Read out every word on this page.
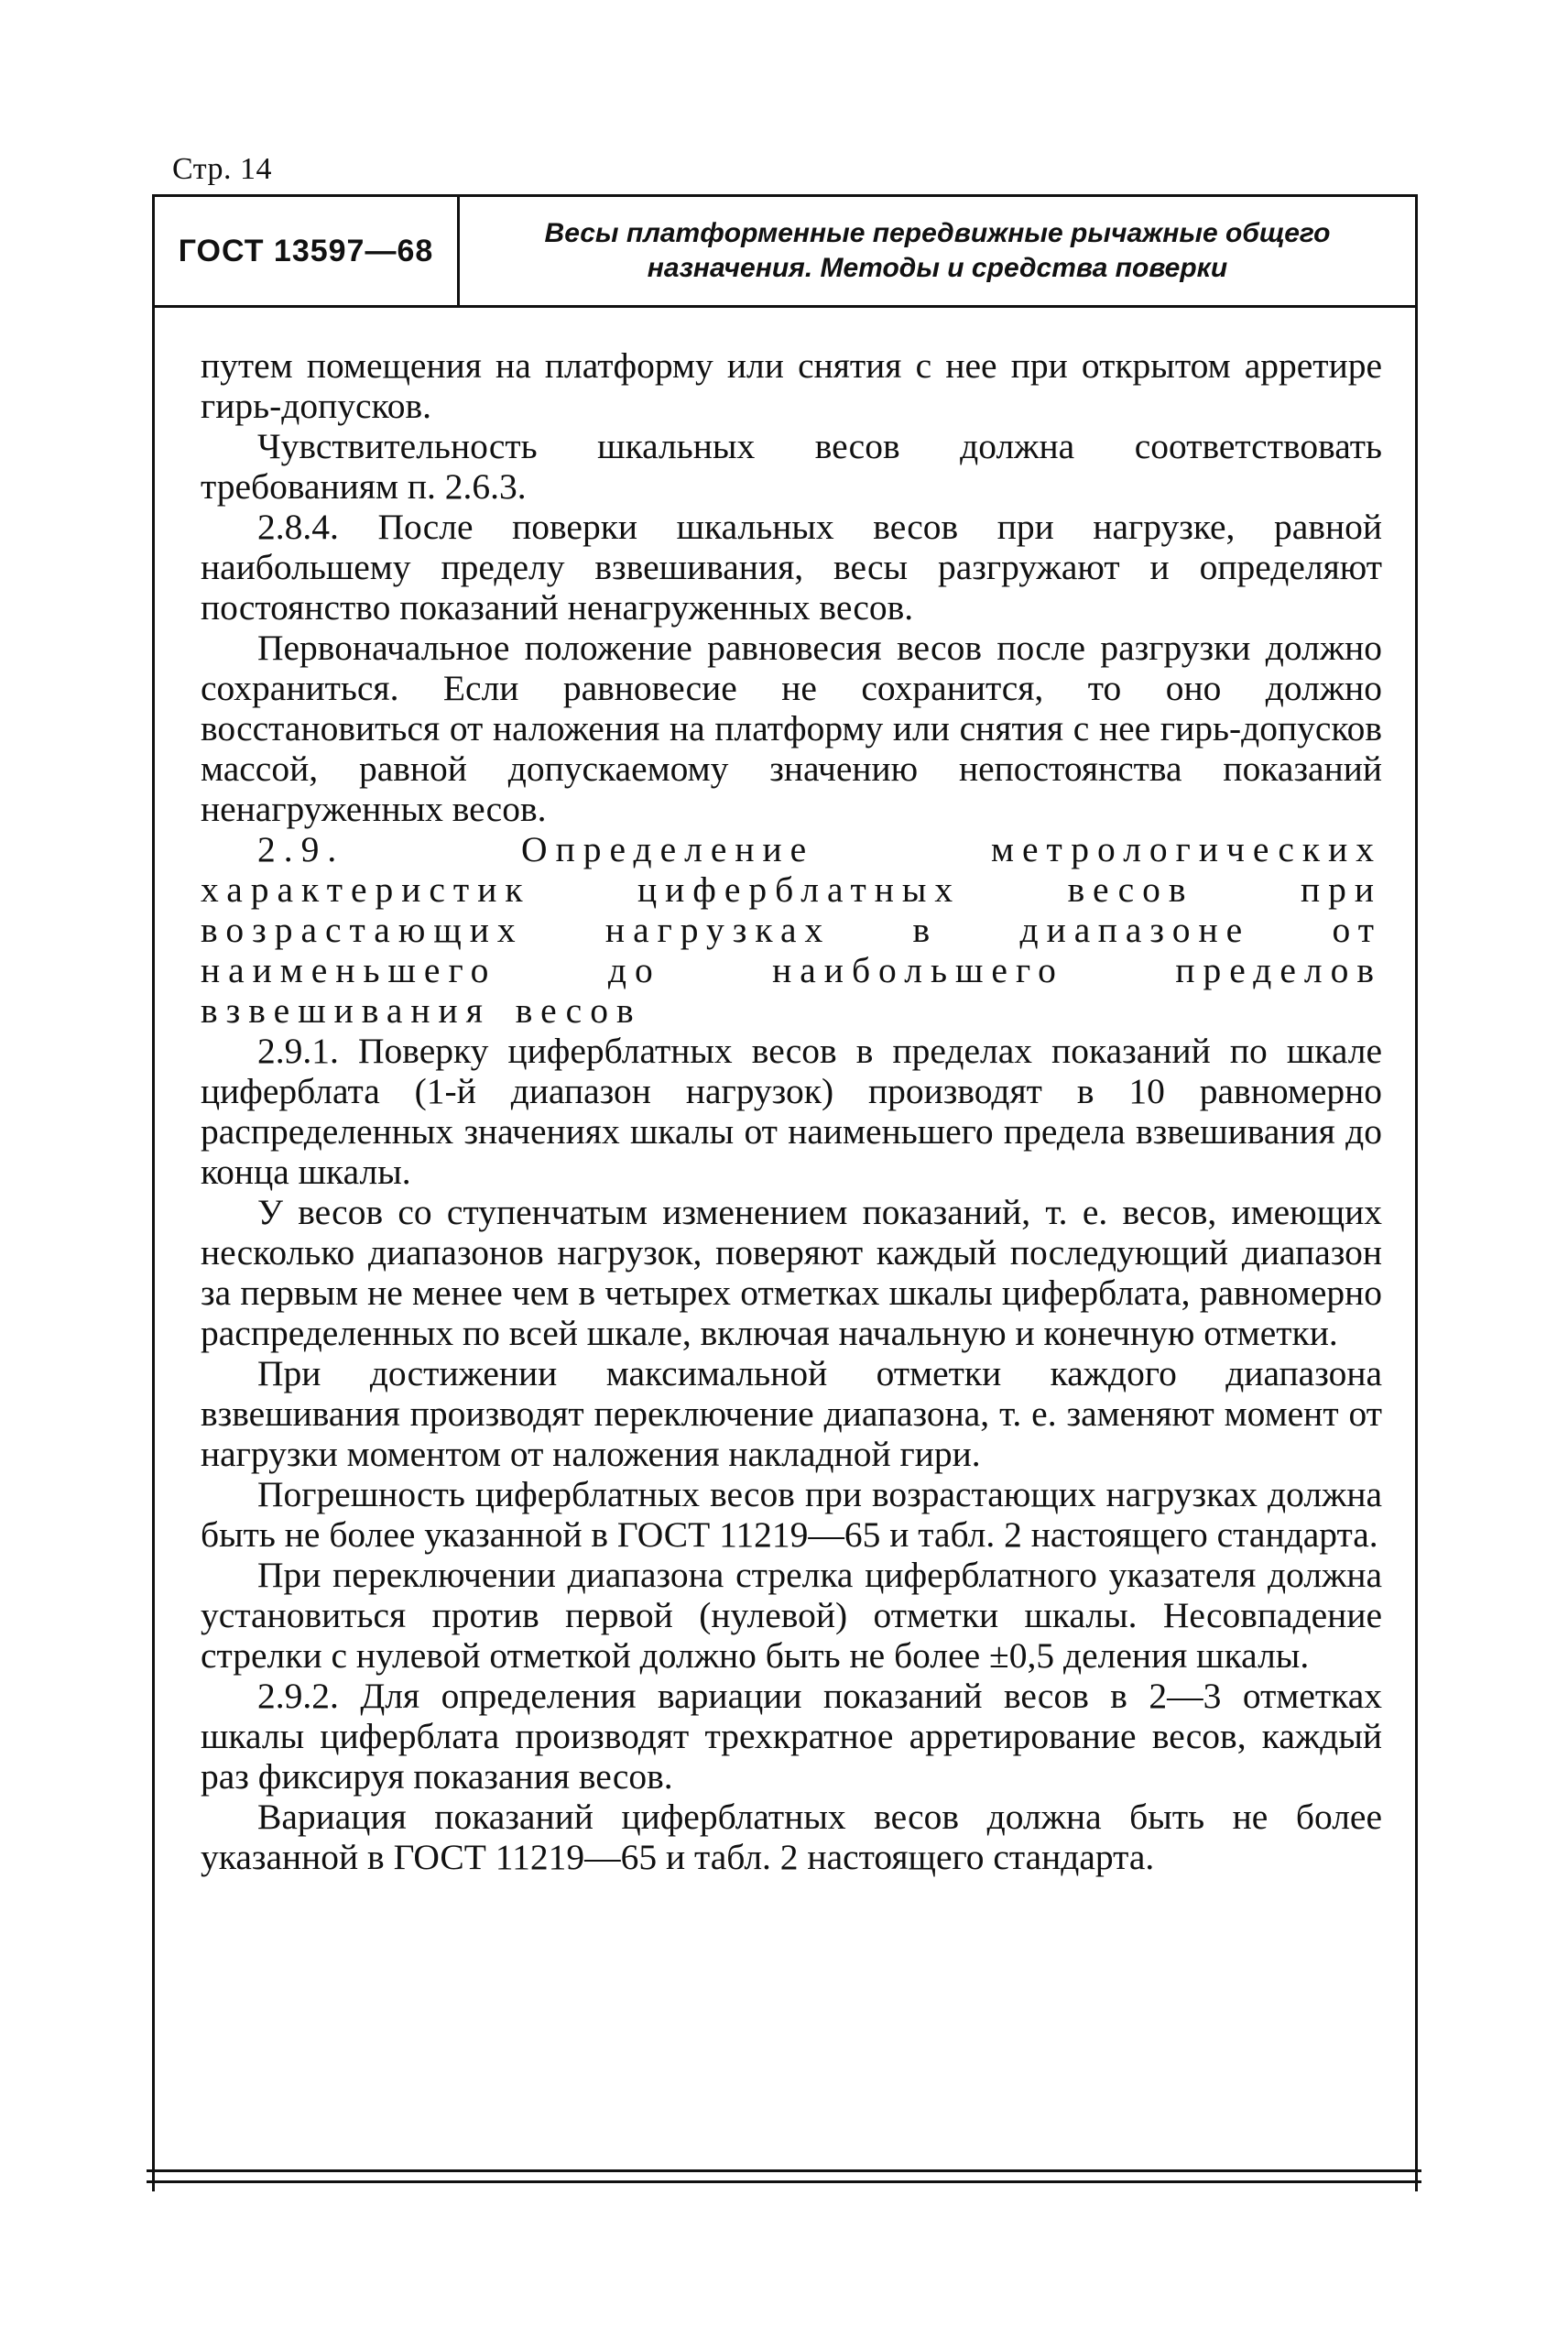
Стр. 14
ГОСТ 13597—68	Весы платформенные передвижные рычажные общего
назначения. Методы и средства поверки

путем помещения на платформу или снятия с нее при открытом арретире гирь-допусков.

Чувствительность шкальных весов должна соответствовать требованиям п. 2.6.3.

2.8.4. После поверки шкальных весов при нагрузке, равной наибольшему пределу взвешивания, весы разгружают и определяют постоянство показаний ненагруженных весов.

Первоначальное положение равновесия весов после разгрузки должно сохраниться. Если равновесие не сохранится, то оно должно восстановиться от наложения на платформу или снятия с нее гирь-допусков массой, равной допускаемому значению непостоянства показаний ненагруженных весов.

2.9. Определение метрологических характеристик циферблатных весов при возрастающих нагрузках в диапазоне от наименьшего до наибольшего пределов взвешивания весов

2.9.1. Поверку циферблатных весов в пределах показаний по шкале циферблата (1-й диапазон нагрузок) производят в 10 равномерно распределенных значениях шкалы от наименьшего предела взвешивания до конца шкалы.

У весов со ступенчатым изменением показаний, т. е. весов, имеющих несколько диапазонов нагрузок, поверяют каждый последующий диапазон за первым не менее чем в четырех отметках шкалы циферблата, равномерно распределенных по всей шкале, включая начальную и конечную отметки.

При достижении максимальной отметки каждого диапазона взвешивания производят переключение диапазона, т. е. заменяют момент от нагрузки моментом от наложения накладной гири.

Погрешность циферблатных весов при возрастающих нагрузках должна быть не более указанной в ГОСТ 11219—65 и табл. 2 настоящего стандарта.

При переключении диапазона стрелка циферблатного указателя должна установиться против первой (нулевой) отметки шкалы. Несовпадение стрелки с нулевой отметкой должно быть не более ±0,5 деления шкалы.

2.9.2. Для определения вариации показаний весов в 2—3 отметках шкалы циферблата производят трехкратное арретирование весов, каждый раз фиксируя показания весов.

Вариация показаний циферблатных весов должна быть не более указанной в ГОСТ 11219—65 и табл. 2 настоящего стандарта.
